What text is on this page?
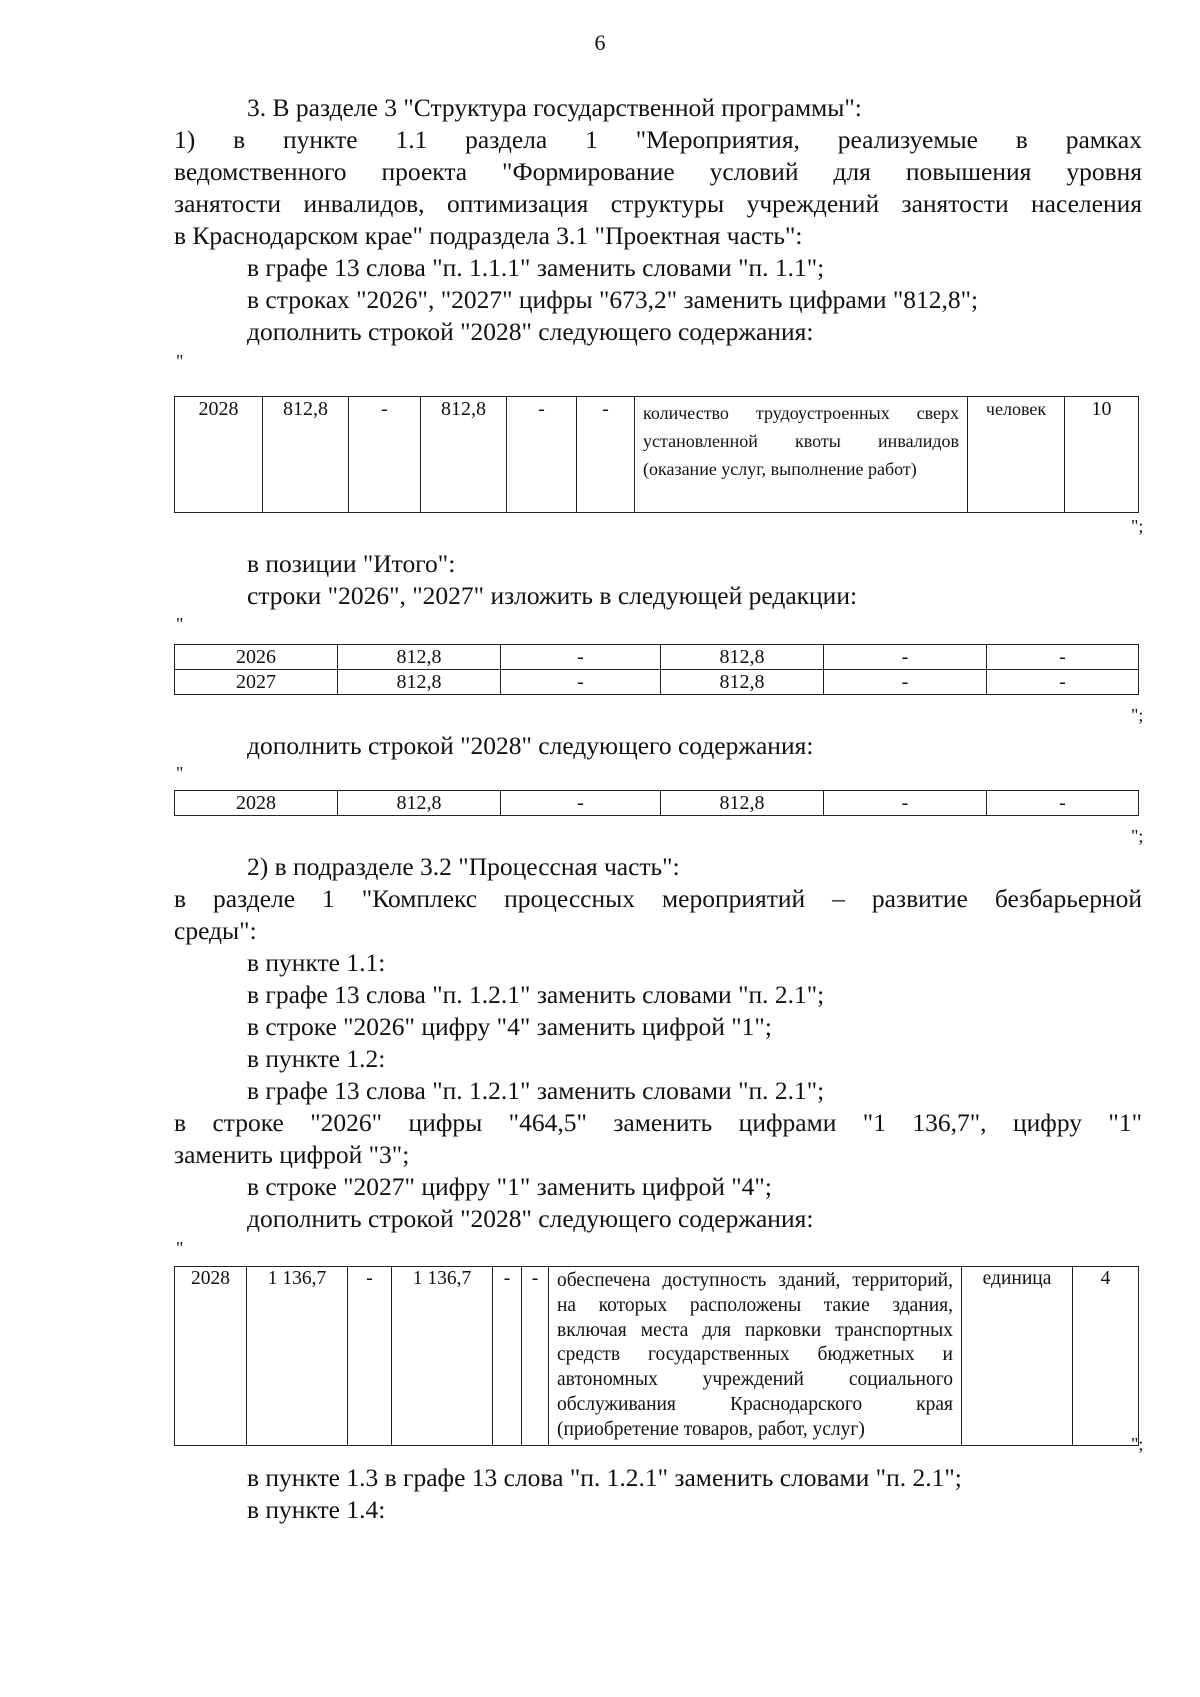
6
3. В разделе 3 "Структура государственной программы":
1) в пункте 1.1 раздела 1 "Мероприятия, реализуемые в рамках
ведомственного проекта "Формирование условий для повышения уровня
занятости инвалидов, оптимизация структуры учреждений занятости населения
в Краснодарском крае" подраздела 3.1 "Проектная часть":
в графе 13 слова "п. 1.1.1" заменить словами "п. 1.1";
в строках "2026", "2027" цифры "673,2" заменить цифрами "812,8";
дополнить строкой "2028" следующего содержания:
"
2028	812,8	-	812,8	-	-	количество трудоустроенных сверх установленной квоты инвалидов (оказание услуг, выполнение работ)	человек	10
";
в позиции "Итого":
строки "2026", "2027" изложить в следующей редакции:
"
2026	812,8	-	812,8	-	-
2027	812,8	-	812,8	-	-
";
дополнить строкой "2028" следующего содержания:
"
2028	812,8	-	812,8	-	-
";
2) в подразделе 3.2 "Процессная часть":
в разделе 1 "Комплекс процессных мероприятий – развитие безбарьерной
среды":
в пункте 1.1:
в графе 13 слова "п. 1.2.1" заменить словами "п. 2.1";
в строке "2026" цифру "4" заменить цифрой "1";
в пункте 1.2:
в графе 13 слова "п. 1.2.1" заменить словами "п. 2.1";
в строке "2026" цифры "464,5" заменить цифрами "1 136,7", цифру "1"
заменить цифрой "3";
в строке "2027" цифру "1" заменить цифрой "4";
дополнить строкой "2028" следующего содержания:
"
2028	1 136,7	-	1 136,7	-	-	обеспечена доступность зданий, территорий, на которых расположены такие здания, включая места для парковки транспортных средств государственных бюджетных и автономных учреждений социального обслуживания Краснодарского края (приобретение товаров, работ, услуг)	единица	4
";
в пункте 1.3 в графе 13 слова "п. 1.2.1" заменить словами "п. 2.1";
в пункте 1.4:
